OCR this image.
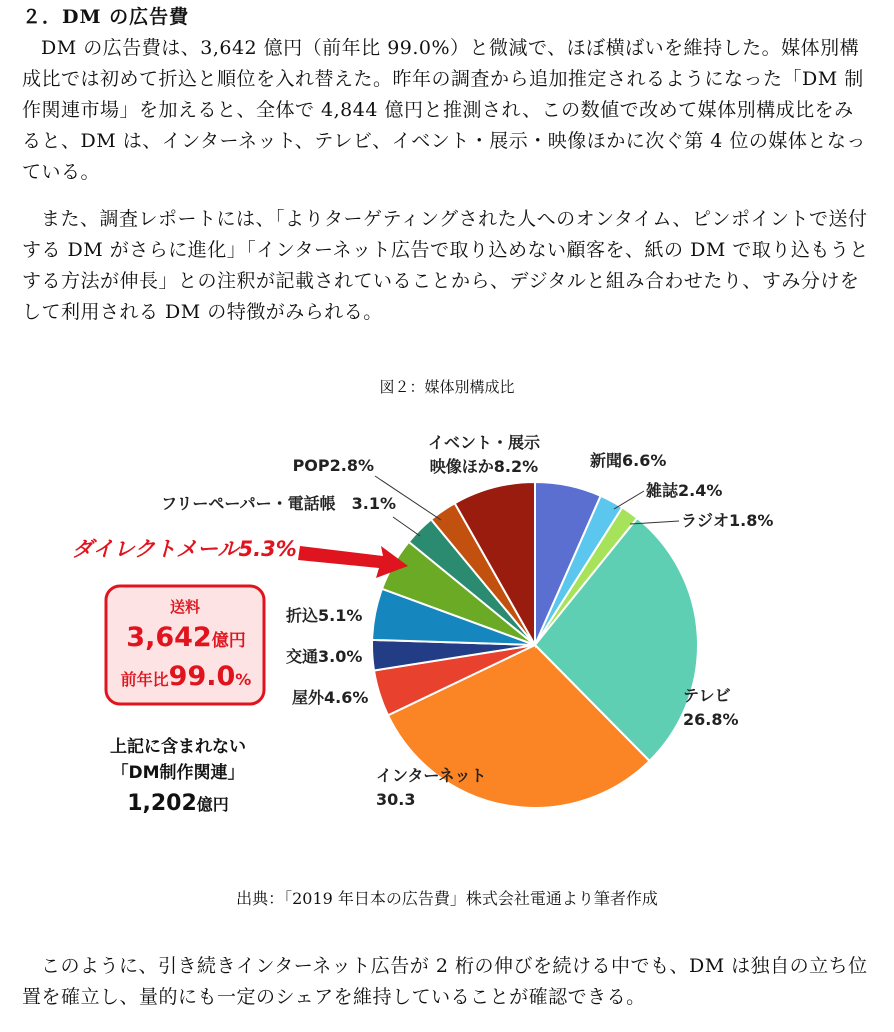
２．DM の広告費
DM の広告費は、3,642 億円（前年比 99.0%）と微減で、ほぼ横ばいを維持した。媒体別構成比では初めて折込と順位を入れ替えた。昨年の調査から追加推定されるようになった「DM 制作関連市場」を加えると、全体で 4,844 億円と推測され、この数値で改めて媒体別構成比をみると、DM は、インターネット、テレビ、イベント・展示・映像ほかに次ぐ第 4 位の媒体となっている。
また、調査レポートには、「よりターゲティングされた人へのオンタイム、ピンポイントで送付する DM がさらに進化」「インターネット広告で取り込めない顧客を、紙の DM で取り込もうとする方法が伸長」との注釈が記載されていることから、デジタルと組み合わせたり、すみ分けをして利用される DM の特徴がみられる。
図２：媒体別構成比
新聞6.6%
雑誌2.4%
ラジオ1.8%
テレビ 26.8%
インターネット 30.3
屋外4.6%
交通3.0%
折込5.1%
フリーペーパー・電話帳　3.1%
POP2.8%
イベント・展示映像ほか8.2%
ダイレクトメール5.3%
送料
3,642億円
前年比99.0%
上記に含まれない
「DM制作関連」
1,202億円
出典：「2019 年日本の広告費」株式会社電通より筆者作成
このように、引き続きインターネット広告が 2 桁の伸びを続ける中でも、DM は独自の立ち位置を確立し、量的にも一定のシェアを維持していることが確認できる。
